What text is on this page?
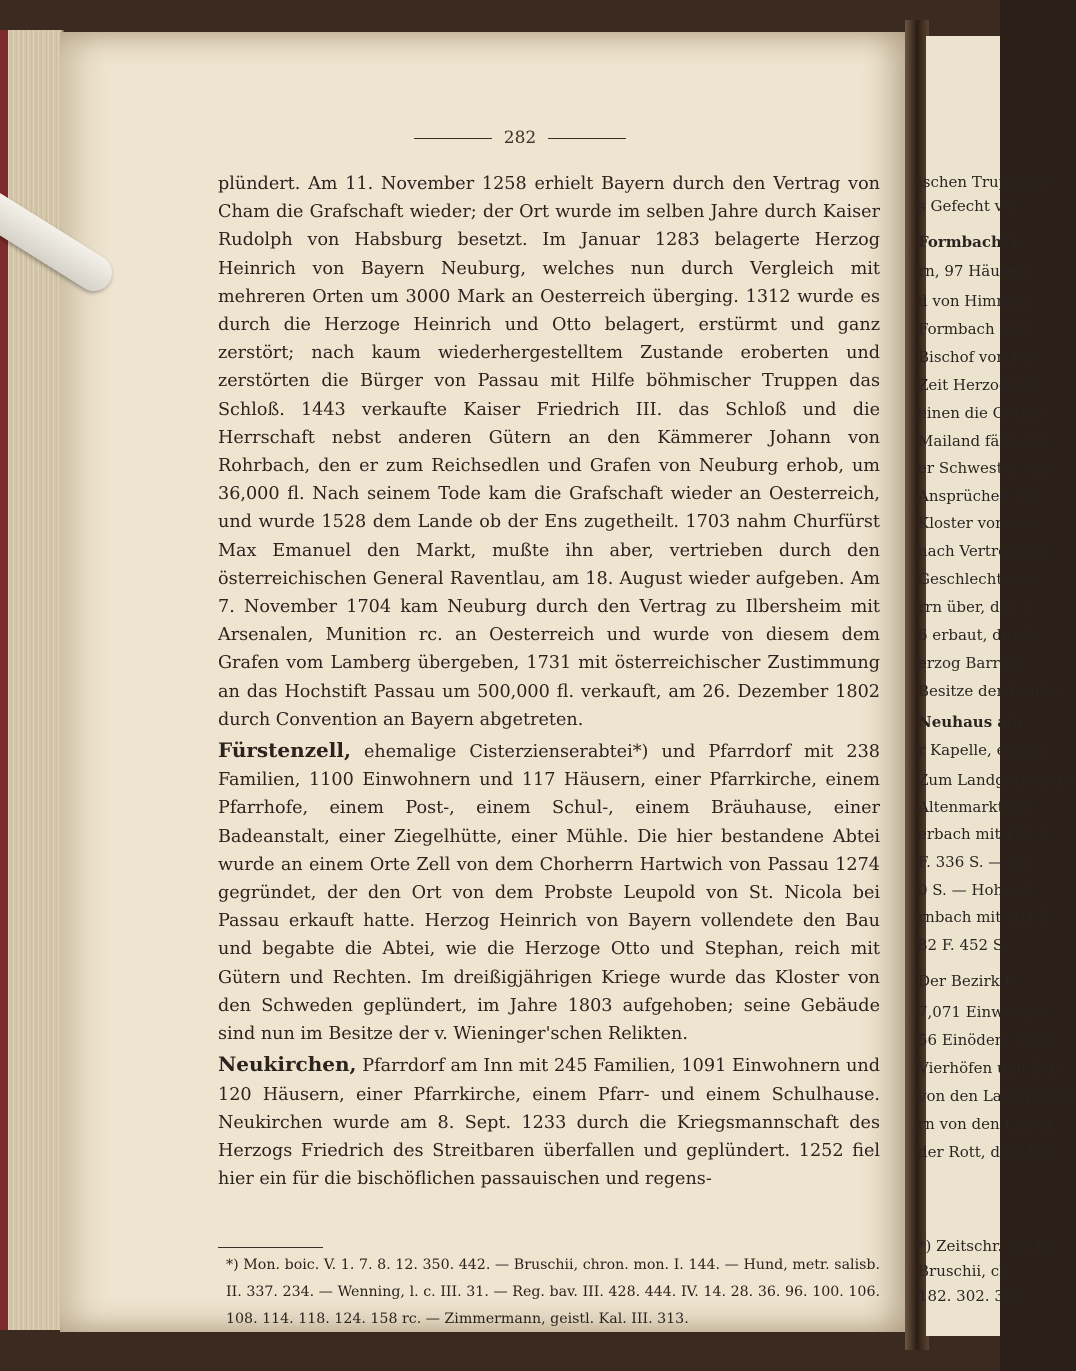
282

plündert. Am 11. November 1258 erhielt Bayern durch den Vertrag von Cham die Grafschaft wieder; der Ort wurde im selben Jahre durch Kaiser Rudolph von Habsburg besetzt. Im Januar 1283 belagerte Herzog Heinrich von Bayern Neuburg, welches nun durch Vergleich mit mehreren Orten um 3000 Mark an Oesterreich überging. 1312 wurde es durch die Herzoge Heinrich und Otto belagert, erstürmt und ganz zerstört; nach kaum wiederhergestelltem Zustande eroberten und zerstörten die Bürger von Passau mit Hilfe böhmischer Truppen das Schloß. 1443 verkaufte Kaiser Friedrich III. das Schloß und die Herrschaft nebst anderen Gütern an den Kämmerer Johann von Rohrbach, den er zum Reichsedlen und Grafen von Neuburg erhob, um 36,000 fl. Nach seinem Tode kam die Grafschaft wieder an Oesterreich, und wurde 1528 dem Lande ob der Ens zugetheilt. 1703 nahm Churfürst Max Emanuel den Markt, mußte ihn aber, vertrieben durch den österreichischen General Raventlau, am 18. August wieder aufgeben. Am 7. November 1704 kam Neuburg durch den Vertrag zu Ilbersheim mit Arsenalen, Munition rc. an Oesterreich und wurde von diesem dem Grafen vom Lamberg übergeben, 1731 mit österreichischer Zustimmung an das Hochstift Passau um 500,000 fl. verkauft, am 26. Dezember 1802 durch Convention an Bayern abgetreten.

Fürstenzell, ehemalige Cisterzienserabtei*) und Pfarrdorf mit 238 Familien, 1100 Einwohnern und 117 Häusern, einer Pfarrkirche, einem Pfarrhofe, einem Post-, einem Schul-, einem Bräuhause, einer Badeanstalt, einer Ziegelhütte, einer Mühle. Die hier bestandene Abtei wurde an einem Orte Zell von dem Chorherrn Hartwich von Passau 1274 gegründet, der den Ort von dem Probste Leupold von St. Nicola bei Passau erkauft hatte. Herzog Heinrich von Bayern vollendete den Bau und begabte die Abtei, wie die Herzoge Otto und Stephan, reich mit Gütern und Rechten. Im dreißigjährigen Kriege wurde das Kloster von den Schweden geplündert, im Jahre 1803 aufgehoben; seine Gebäude sind nun im Besitze der v. Wieninger'schen Relikten.

Neukirchen, Pfarrdorf am Inn mit 245 Familien, 1091 Einwohnern und 120 Häusern, einer Pfarrkirche, einem Pfarr- und einem Schulhause. Neukirchen wurde am 8. Sept. 1233 durch die Kriegsmannschaft des Herzogs Friedrich des Streitbaren überfallen und geplündert. 1252 fiel hier ein für die bischöflichen passauischen und regens-

*) Mon. boic. V. 1. 7. 8. 12. 350. 442. — Bruschii, chron. mon. I. 144. — Hund, metr. salisb. II. 337. 234. — Wenning, l. c. III. 31. — Reg. bav. III. 428. 444. IV. 14. 28. 36. 96. 100. 106. 108. 114. 118. 124. 158 rc. — Zimmermann, geistl. Kal. III. 313.

ischen Truppen u
s Gefecht vor.
Formbach*),
rn, 97 Häusern
d von Himmelt
Formbach gest
Bischof von Pas
Zeit Herzogs Ot
einen die Grafen
Mailand fällt und
er Schwester Agn
Ansprüchen Fri
Kloster von sein
nach Vertreibung
Geschlecht von
rrn über, das 1
6 erbaut, durch
erzog Barrati
Besitze der Freihe
Neuhaus am
r Kapelle, einem
Zum Landgerichtsbe
Altenmarkt mit
erbach mit 138 F.
F. 336 S. — En
0 S. — Hohenst
rnbach mit 194 F.
82 F. 452 S.
Der Bezirk P
7,071 Einwohner,
56 Einöden, 6989
Vierhöfen und Lan
von den Landgericht
rn von den Landg
der Rott, dem Kol
*) Zeitschr. für Ba
Bruschii, ch
182. 302. 340.
